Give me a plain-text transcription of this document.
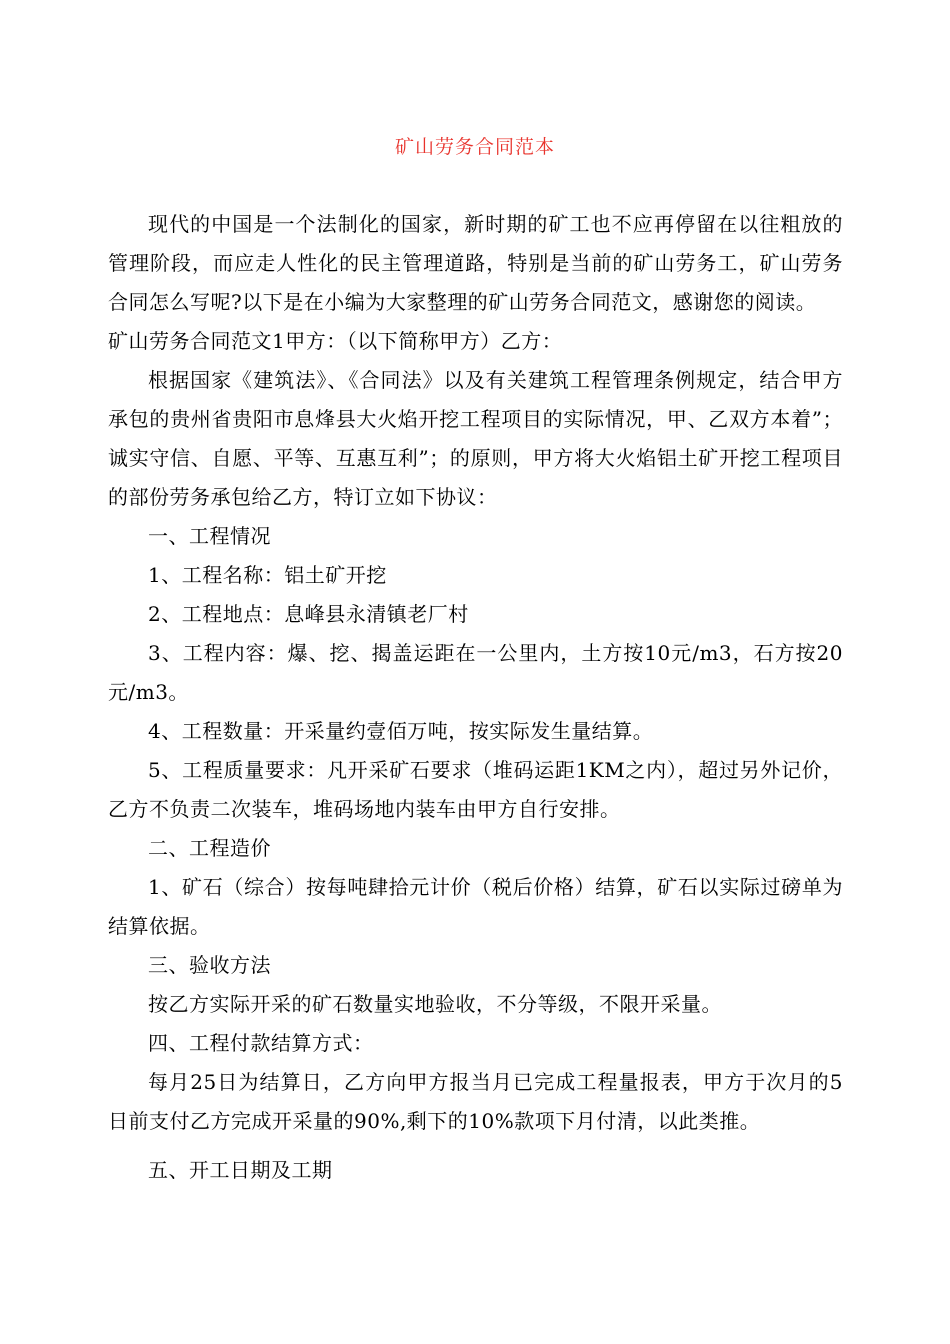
矿山劳务合同范本

现代的中国是一个法制化的国家，新时期的矿工也不应再停留在以往粗放的管理阶段，而应走人性化的民主管理道路，特别是当前的矿山劳务工，矿山劳务合同怎么写呢?以下是在小编为大家整理的矿山劳务合同范文，感谢您的阅读。

矿山劳务合同范文1甲方：（以下简称甲方）乙方：

根据国家《建筑法》、《合同法》以及有关建筑工程管理条例规定，结合甲方承包的贵州省贵阳市息烽县大火焰开挖工程项目的实际情况，甲、乙双方本着”；诚实守信、自愿、平等、互惠互利”；的原则，甲方将大火焰铝土矿开挖工程项目的部份劳务承包给乙方，特订立如下协议：

一、工程情况

1、工程名称：铝土矿开挖

2、工程地点：息峰县永清镇老厂村

3、工程内容：爆、挖、揭盖运距在一公里内，土方按10元/m3，石方按20元/m3。

4、工程数量：开采量约壹佰万吨，按实际发生量结算。

5、工程质量要求：凡开采矿石要求（堆码运距1KM之内），超过另外记价，乙方不负责二次装车，堆码场地内装车由甲方自行安排。

二、工程造价

1、矿石（综合）按每吨肆拾元计价（税后价格）结算，矿石以实际过磅单为结算依据。

三、验收方法

按乙方实际开采的矿石数量实地验收，不分等级，不限开采量。

四、工程付款结算方式：

每月25日为结算日，乙方向甲方报当月已完成工程量报表，甲方于次月的5日前支付乙方完成开采量的90%,剩下的10%款项下月付清，以此类推。

五、开工日期及工期
